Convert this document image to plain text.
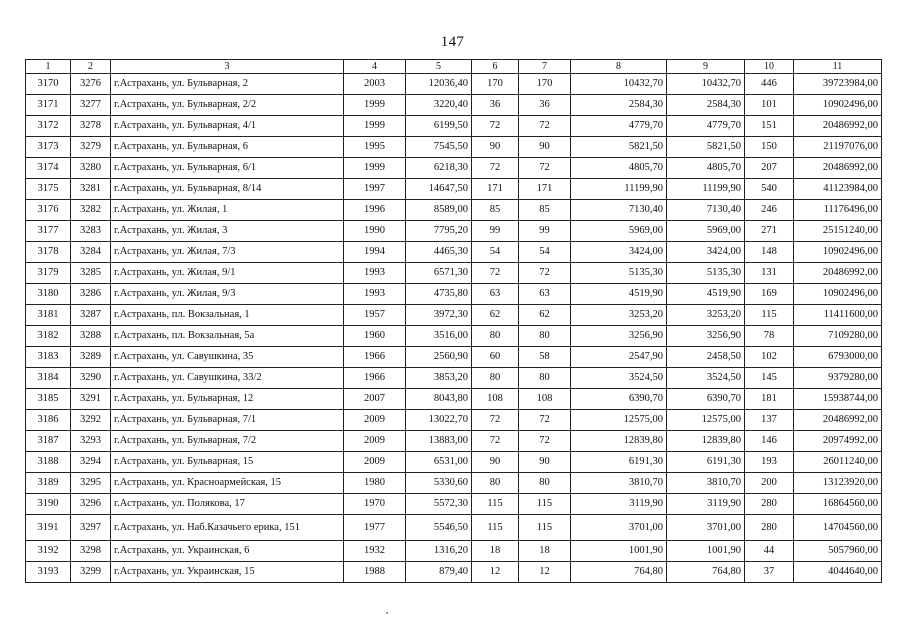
147
1	2	3	4	5	6	7	8	9	10	11
3170	3276	г.Астрахань, ул. Бульварная, 2	2003	12036,40	170	170	10432,70	10432,70	446	39723984,00
3171	3277	г.Астрахань, ул. Бульварная, 2/2	1999	3220,40	36	36	2584,30	2584,30	101	10902496,00
3172	3278	г.Астрахань, ул. Бульварная, 4/1	1999	6199,50	72	72	4779,70	4779,70	151	20486992,00
3173	3279	г.Астрахань, ул. Бульварная, 6	1995	7545,50	90	90	5821,50	5821,50	150	21197076,00
3174	3280	г.Астрахань, ул. Бульварная, 6/1	1999	6218,30	72	72	4805,70	4805,70	207	20486992,00
3175	3281	г.Астрахань, ул. Бульварная, 8/14	1997	14647,50	171	171	11199,90	11199,90	540	41123984,00
3176	3282	г.Астрахань, ул. Жилая, 1	1996	8589,00	85	85	7130,40	7130,40	246	11176496,00
3177	3283	г.Астрахань, ул. Жилая, 3	1990	7795,20	99	99	5969,00	5969,00	271	25151240,00
3178	3284	г.Астрахань, ул. Жилая, 7/3	1994	4465,30	54	54	3424,00	3424,00	148	10902496,00
3179	3285	г.Астрахань, ул. Жилая, 9/1	1993	6571,30	72	72	5135,30	5135,30	131	20486992,00
3180	3286	г.Астрахань, ул. Жилая, 9/3	1993	4735,80	63	63	4519,90	4519,90	169	10902496,00
3181	3287	г.Астрахань, пл. Вокзальная, 1	1957	3972,30	62	62	3253,20	3253,20	115	11411600,00
3182	3288	г.Астрахань, пл. Вокзальная, 5а	1960	3516,00	80	80	3256,90	3256,90	78	7109280,00
3183	3289	г.Астрахань, ул. Савушкина, 35	1966	2560,90	60	58	2547,90	2458,50	102	6793000,00
3184	3290	г.Астрахань, ул. Савушкина, 33/2	1966	3853,20	80	80	3524,50	3524,50	145	9379280,00
3185	3291	г.Астрахань, ул. Бульварная, 12	2007	8043,80	108	108	6390,70	6390,70	181	15938744,00
3186	3292	г.Астрахань, ул. Бульварная, 7/1	2009	13022,70	72	72	12575,00	12575,00	137	20486992,00
3187	3293	г.Астрахань, ул. Бульварная, 7/2	2009	13883,00	72	72	12839,80	12839,80	146	20974992,00
3188	3294	г.Астрахань, ул. Бульварная, 15	2009	6531,00	90	90	6191,30	6191,30	193	26011240,00
3189	3295	г.Астрахань, ул. Красноармейская, 15	1980	5330,60	80	80	3810,70	3810,70	200	13123920,00
3190	3296	г.Астрахань, ул. Полякова, 17	1970	5572,30	115	115	3119,90	3119,90	280	16864560,00
3191	3297	г.Астрахань, ул. Наб.Казачьего ерика, 151	1977	5546,50	115	115	3701,00	3701,00	280	14704560,00
3192	3298	г.Астрахань, ул. Украинская, 6	1932	1316,20	18	18	1001,90	1001,90	44	5057960,00
3193	3299	г.Астрахань, ул. Украинская, 15	1988	879,40	12	12	764,80	764,80	37	4044640,00
